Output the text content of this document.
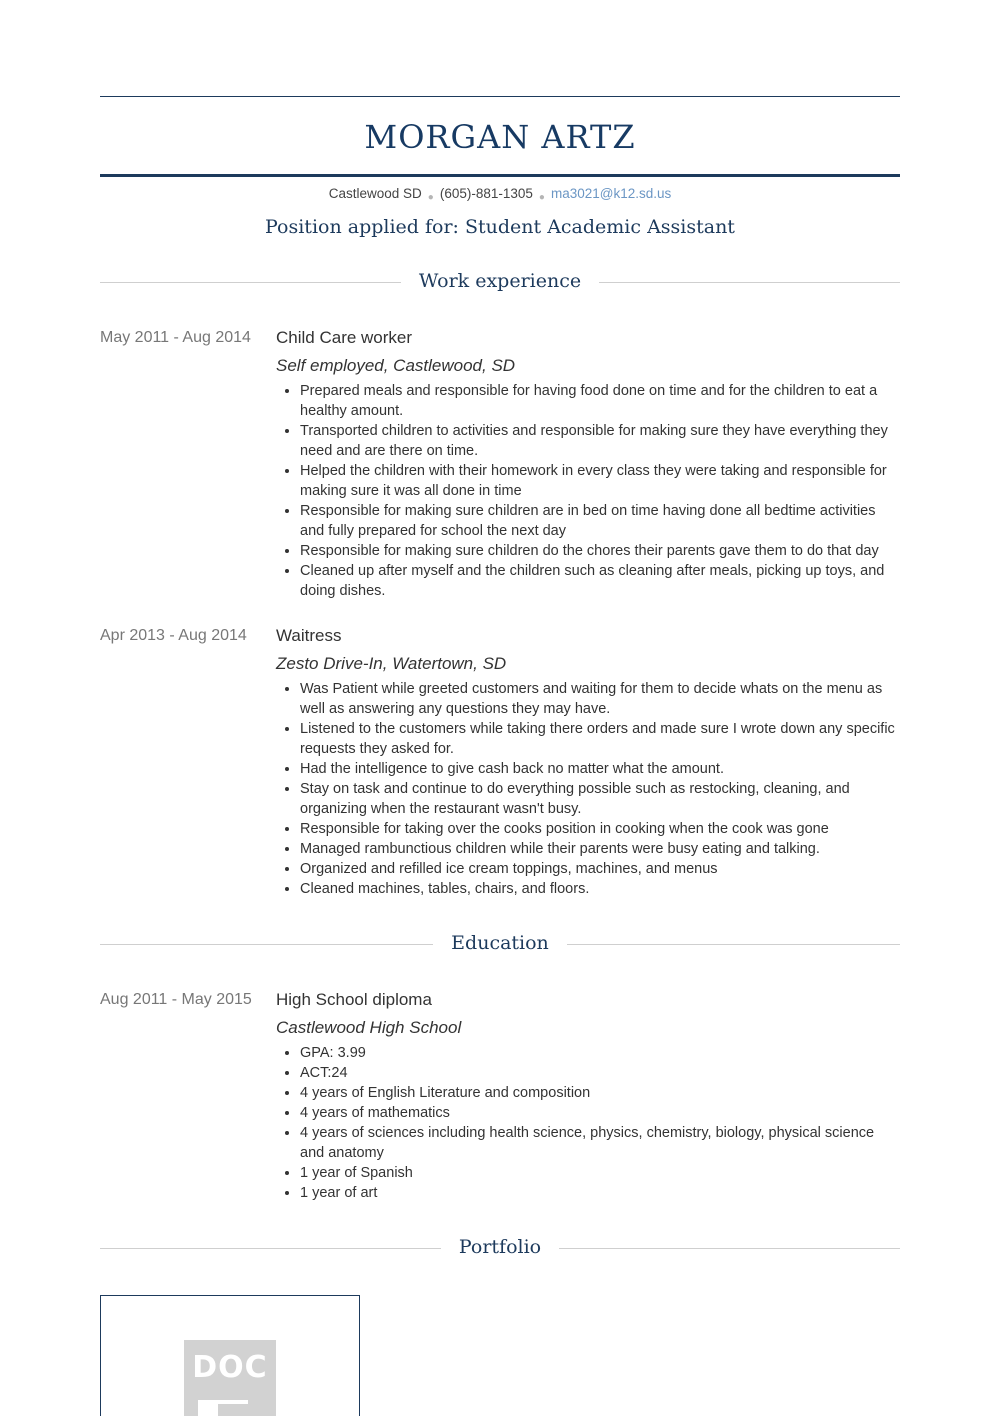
MORGAN ARTZ
Castlewood SD ● (605)-881-1305 ● ma3021@k12.sd.us
Position applied for: Student Academic Assistant
Work experience
May 2011 - Aug 2014 Child Care worker
Self employed, Castlewood, SD
• Prepared meals and responsible for having food done on time and for the children to eat a healthy amount.
• Transported children to activities and responsible for making sure they have everything they need and are there on time.
• Helped the children with their homework in every class they were taking and responsible for making sure it was all done in time
• Responsible for making sure children are in bed on time having done all bedtime activities and fully prepared for school the next day
• Responsible for making sure children do the chores their parents gave them to do that day
• Cleaned up after myself and the children such as cleaning after meals, picking up toys, and doing dishes.
Apr 2013 - Aug 2014 Waitress
Zesto Drive-In, Watertown, SD
• Was Patient while greeted customers and waiting for them to decide whats on the menu as well as answering any questions they may have.
• Listened to the customers while taking there orders and made sure I wrote down any specific requests they asked for.
• Had the intelligence to give cash back no matter what the amount.
• Stay on task and continue to do everything possible such as restocking, cleaning, and organizing when the restaurant wasn't busy.
• Responsible for taking over the cooks position in cooking when the cook was gone
• Managed rambunctious children while their parents were busy eating and talking.
• Organized and refilled ice cream toppings, machines, and menus
• Cleaned machines, tables, chairs, and floors.
Education
Aug 2011 - May 2015 High School diploma
Castlewood High School
• GPA: 3.99
• ACT:24
• 4 years of English Literature and composition
• 4 years of mathematics
• 4 years of sciences including health science, physics, chemistry, biology, physical science and anatomy
• 1 year of Spanish
• 1 year of art
Portfolio
DOC
